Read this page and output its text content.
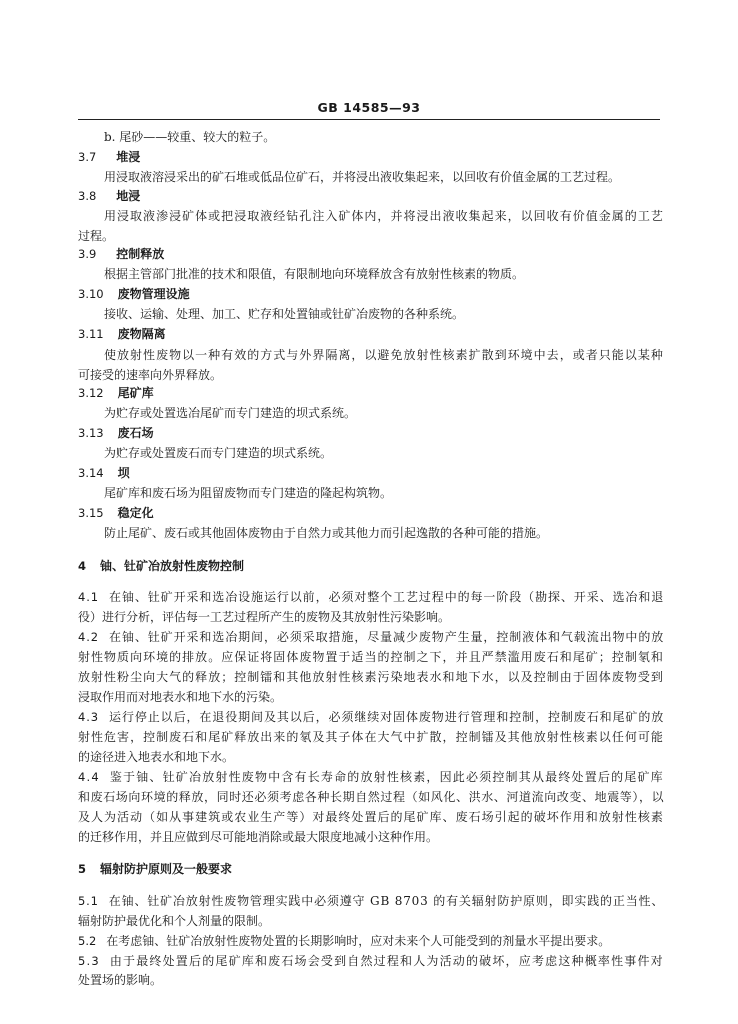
GB 14585—93
b. 尾砂——较重、较大的粒子。
3.7 堆浸
用浸取液溶浸采出的矿石堆或低品位矿石，并将浸出液收集起来，以回收有价值金属的工艺过程。
3.8 地浸
用浸取液渗浸矿体或把浸取液经钻孔注入矿体内，并将浸出液收集起来，以回收有价值金属的工艺
过程。
3.9 控制释放
根据主管部门批准的技术和限值，有限制地向环境释放含有放射性核素的物质。
3.10 废物管理设施
接收、运输、处理、加工、贮存和处置铀或钍矿冶废物的各种系统。
3.11 废物隔离
使放射性废物以一种有效的方式与外界隔离，以避免放射性核素扩散到环境中去，或者只能以某种
可接受的速率向外界释放。
3.12 尾矿库
为贮存或处置选冶尾矿而专门建造的坝式系统。
3.13 废石场
为贮存或处置废石而专门建造的坝式系统。
3.14 坝
尾矿库和废石场为阻留废物而专门建造的隆起构筑物。
3.15 稳定化
防止尾矿、废石或其他固体废物由于自然力或其他力而引起逸散的各种可能的措施。
4 铀、钍矿冶放射性废物控制
4.1 在铀、钍矿开采和选冶设施运行以前，必须对整个工艺过程中的每一阶段（勘探、开采、选冶和退
役）进行分析，评估每一工艺过程所产生的废物及其放射性污染影响。
4.2 在铀、钍矿开采和选冶期间，必须采取措施，尽量减少废物产生量，控制液体和气载流出物中的放
射性物质向环境的排放。应保证将固体废物置于适当的控制之下，并且严禁滥用废石和尾矿；控制氡和
放射性粉尘向大气的释放；控制镭和其他放射性核素污染地表水和地下水，以及控制由于固体废物受到
浸取作用而对地表水和地下水的污染。
4.3 运行停止以后，在退役期间及其以后，必须继续对固体废物进行管理和控制，控制废石和尾矿的放
射性危害，控制废石和尾矿释放出来的氡及其子体在大气中扩散，控制镭及其他放射性核素以任何可能
的途径进入地表水和地下水。
4.4 鉴于铀、钍矿冶放射性废物中含有长寿命的放射性核素，因此必须控制其从最终处置后的尾矿库
和废石场向环境的释放，同时还必须考虑各种长期自然过程（如风化、洪水、河道流向改变、地震等），以
及人为活动（如从事建筑或农业生产等）对最终处置后的尾矿库、废石场引起的破坏作用和放射性核素
的迁移作用，并且应做到尽可能地消除或最大限度地减小这种作用。
5 辐射防护原则及一般要求
5.1 在铀、钍矿冶放射性废物管理实践中必须遵守 GB 8703 的有关辐射防护原则，即实践的正当性、
辐射防护最优化和个人剂量的限制。
5.2 在考虑铀、钍矿冶放射性废物处置的长期影响时，应对未来个人可能受到的剂量水平提出要求。
5.3 由于最终处置后的尾矿库和废石场会受到自然过程和人为活动的破坏，应考虑这种概率性事件对
处置场的影响。
